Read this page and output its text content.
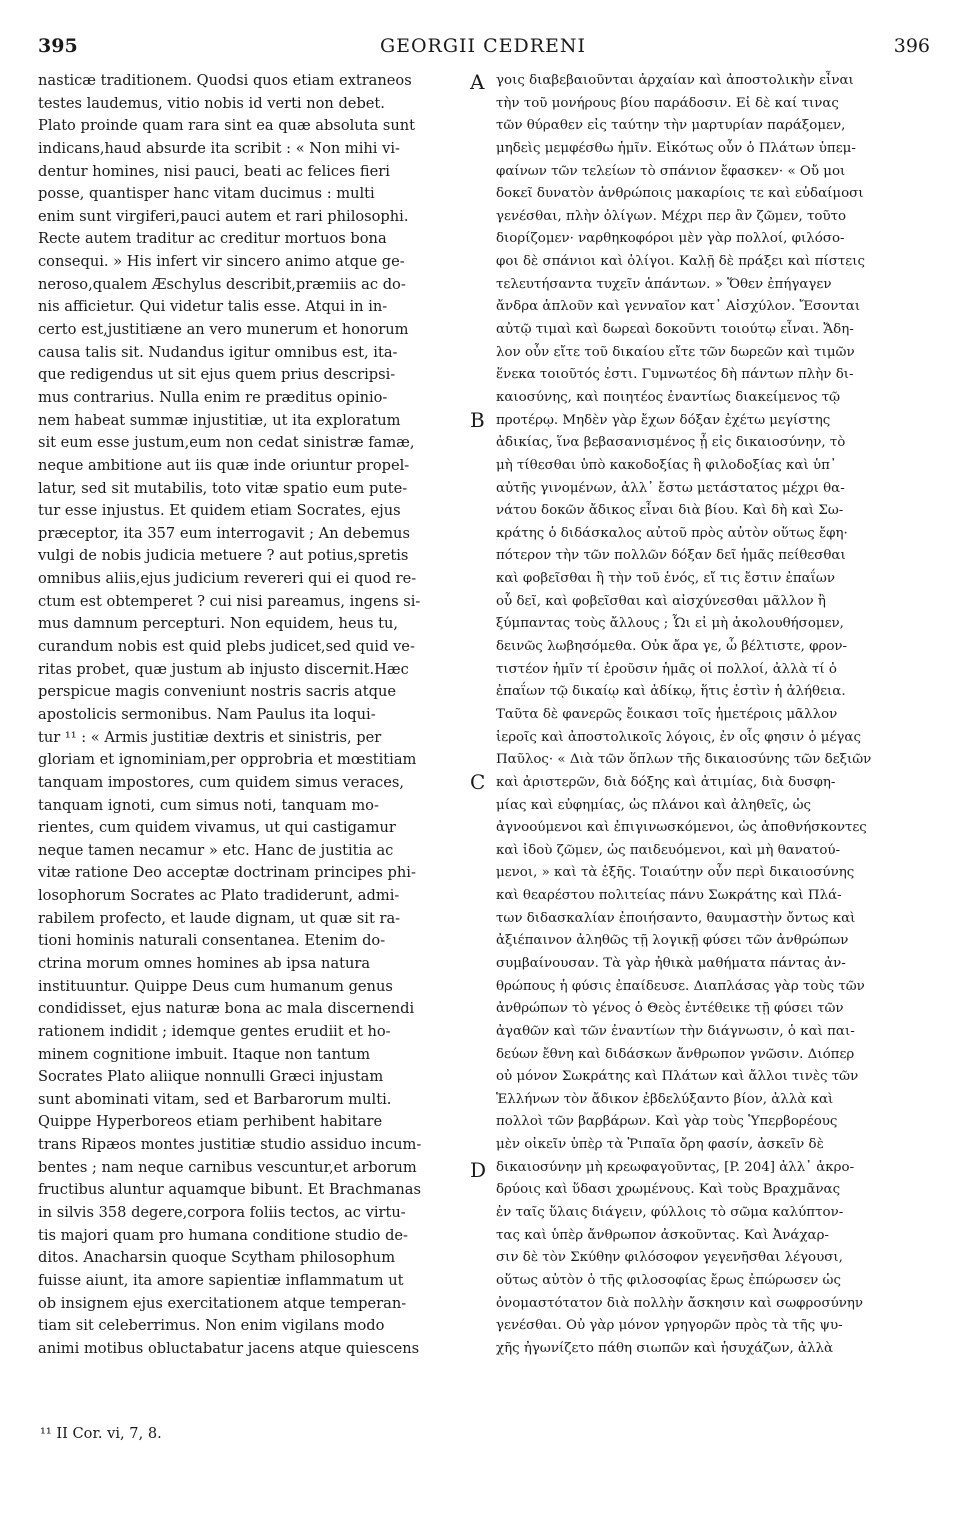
GEORGII CEDRENI
395	396
nasticæ traditionem. Quodsi quos etiam extraneos
testes laudemus, vitio nobis id verti non debet.
Plato proinde quam rara sint ea quæ absoluta sunt
indicans,haud absurde ita scribit : « Non mihi vi-
dentur homines, nisi pauci, beati ac felices fieri
posse, quantisper hanc vitam ducimus : multi
enim sunt virgiferi,pauci autem et rari philosophi.
Recte autem traditur ac creditur mortuos bona
consequi. » His infert vir sincero animo atque ge-
neroso,qualem Æschylus describit,præmiis ac do-
nis afficietur. Qui videtur talis esse. Atqui in in-
certo est,justitiæne an vero munerum et honorum
causa talis sit. Nudandus igitur omnibus est, ita-
que redigendus ut sit ejus quem prius descripsi-
mus contrarius. Nulla enim re præditus opinio-
nem habeat summæ injustitiæ, ut ita exploratum
sit eum esse justum,eum non cedat sinistræ famæ,
neque ambitione aut iis quæ inde oriuntur propel-
latur, sed sit mutabilis, toto vitæ spatio eum pute-
tur esse injustus. Et quidem etiam Socrates, ejus
præceptor, ita 357 eum interrogavit ; An debemus
vulgi de nobis judicia metuere ? aut potius,spretis
omnibus aliis,ejus judicium revereri qui ei quod re-
ctum est obtemperet ? cui nisi pareamus, ingens si-
mus damnum percepturi. Non equidem, heus tu,
curandum nobis est quid plebs judicet,sed quid ve-
ritas probet, quæ justum ab injusto discernit.Hæc
perspicue magis conveniunt nostris sacris atque
apostolicis sermonibus. Nam Paulus ita loqui-
tur ¹¹ : « Armis justitiæ dextris et sinistris, per
gloriam et ignominiam,per opprobria et mœstitiam
tanquam impostores, cum quidem simus veraces,
tanquam ignoti, cum simus noti, tanquam mo-
rientes, cum quidem vivamus, ut qui castigamur
neque tamen necamur » etc. Hanc de justitia ac
vitæ ratione Deo acceptæ doctrinam principes phi-
losophorum Socrates ac Plato tradiderunt, admi-
rabilem profecto, et laude dignam, ut quæ sit ra-
tioni hominis naturali consentanea. Etenim do-
ctrina morum omnes homines ab ipsa natura
instituuntur. Quippe Deus cum humanum genus
condidisset, ejus naturæ bona ac mala discernendi
rationem indidit ; idemque gentes erudiit et ho-
minem cognitione imbuit. Itaque non tantum
Socrates Plato aliique nonnulli Græci injustam
sunt abominati vitam, sed et Barbarorum multi.
Quippe Hyperboreos etiam perhibent habitare
trans Ripæos montes justitiæ studio assiduo incum-
bentes ; nam neque carnibus vescuntur,et arborum
fructibus aluntur aquamque bibunt. Et Brachmanas
in silvis 358 degere,corpora foliis tectos, ac virtu-
tis majori quam pro humana conditione studio de-
ditos. Anacharsin quoque Scytham philosophum
fuisse aiunt, ita amore sapientiæ inflammatum ut
ob insignem ejus exercitationem atque temperan-
tiam sit celeberrimus. Non enim vigilans modo
animi motibus obluctabatur jacens atque quiescens
γοις διαβεβαιοῦνται ἀρχαίαν καὶ ἀποστολικὴν εἶναι
τὴν τοῦ μονήρους βίου παράδοσιν. Εἰ δὲ καί τινας
τῶν θύραθεν εἰς ταύτην τὴν μαρτυρίαν παράξομεν,
μηδεὶς μεμφέσθω ἡμῖν. Εἰκότως οὖν ὁ Πλάτων ὑπεμ-
φαίνων τῶν τελείων τὸ σπάνιον ἔφασκεν· « Οὔ μοι
δοκεῖ δυνατὸν ἀνθρώποις μακαρίοις τε καὶ εὐδαίμοσι
γενέσθαι, πλὴν ὀλίγων. Μέχρι περ ἂν ζῶμεν, τοῦτο
διορίζομεν· ναρθηκοφόροι μὲν γὰρ πολλοί, φιλόσο-
φοι δὲ σπάνιοι καὶ ὀλίγοι. Καλῇ δὲ πράξει καὶ πίστεις
τελευτήσαντα τυχεῖν ἁπάντων. » Ὅθεν ἐπήγαγεν
ἄνδρα ἁπλοῦν καὶ γενναῖον κατ᾽ Αἰσχύλον. Ἔσονται
αὐτῷ τιμαὶ καὶ δωρεαὶ δοκοῦντι τοιούτῳ εἶναι. Ἄδη-
λον οὖν εἴτε τοῦ δικαίου εἴτε τῶν δωρεῶν καὶ τιμῶν
ἕνεκα τοιοῦτός ἐστι. Γυμνωτέος δὴ πάντων πλὴν δι-
καιοσύνης, καὶ ποιητέος ἐναντίως διακείμενος τῷ
προτέρῳ. Μηδὲν γὰρ ἔχων δόξαν ἐχέτω μεγίστης
ἀδικίας, ἵνα βεβασανισμένος ᾖ εἰς δικαιοσύνην, τὸ
μὴ τίθεσθαι ὑπὸ κακοδοξίας ἢ φιλοδοξίας καὶ ὑπ᾽
αὐτῆς γινομένων, ἀλλ᾽ ἔστω μετάστατος μέχρι θα-
νάτου δοκῶν ἄδικος εἶναι διὰ βίου. Καὶ δὴ καὶ Σω-
κράτης ὁ διδάσκαλος αὐτοῦ πρὸς αὐτὸν οὕτως ἔφη·
πότερον τὴν τῶν πολλῶν δόξαν δεῖ ἡμᾶς πείθεσθαι
καὶ φοβεῖσθαι ἢ τὴν τοῦ ἑνός, εἴ τις ἔστιν ἐπαΐων
οὗ δεῖ, καὶ φοβεῖσθαι καὶ αἰσχύνεσθαι μᾶλλον ἢ
ξύμπαντας τοὺς ἄλλους ; Ὧι εἰ μὴ ἀκολουθήσομεν,
δεινῶς λωβησόμεθα. Οὐκ ἄρα γε, ὦ βέλτιστε, φρον-
τιστέον ἡμῖν τί ἐροῦσιν ἡμᾶς οἱ πολλοί, ἀλλὰ τί ὁ
ἐπαΐων τῷ δικαίῳ καὶ ἀδίκῳ, ἥτις ἐστὶν ἡ ἀλήθεια.
Ταῦτα δὲ φανερῶς ἔοικασι τοῖς ἡμετέροις μᾶλλον
ἱεροῖς καὶ ἀποστολικοῖς λόγοις, ἐν οἷς φησιν ὁ μέγας
Παῦλος· « Διὰ τῶν ὅπλων τῆς δικαιοσύνης τῶν δεξιῶν
καὶ ἀριστερῶν, διὰ δόξης καὶ ἀτιμίας, διὰ δυσφη-
μίας καὶ εὐφημίας, ὡς πλάνοι καὶ ἀληθεῖς, ὡς
ἀγνοούμενοι καὶ ἐπιγινωσκόμενοι, ὡς ἀποθνήσκοντες
καὶ ἰδοὺ ζῶμεν, ὡς παιδευόμενοι, καὶ μὴ θανατού-
μενοι, » καὶ τὰ ἑξῆς. Τοιαύτην οὖν περὶ δικαιοσύνης
καὶ θεαρέστου πολιτείας πάνυ Σωκράτης καὶ Πλά-
των διδασκαλίαν ἐποιήσαντο, θαυμαστὴν ὄντως καὶ
ἀξιέπαινον ἀληθῶς τῇ λογικῇ φύσει τῶν ἀνθρώπων
συμβαίνουσαν. Τὰ γὰρ ἠθικὰ μαθήματα πάντας ἀν-
θρώπους ἡ φύσις ἐπαίδευσε. Διαπλάσας γὰρ τοὺς τῶν
ἀνθρώπων τὸ γένος ὁ Θεὸς ἐντέθεικε τῇ φύσει τῶν
ἀγαθῶν καὶ τῶν ἐναντίων τὴν διάγνωσιν, ὁ καὶ παι-
δεύων ἔθνη καὶ διδάσκων ἄνθρωπον γνῶσιν. Διόπερ
οὐ μόνον Σωκράτης καὶ Πλάτων καὶ ἄλλοι τινὲς τῶν
Ἑλλήνων τὸν ἄδικον ἐβδελύξαντο βίον, ἀλλὰ καὶ
πολλοὶ τῶν βαρβάρων. Καὶ γὰρ τοὺς Ὑπερβορέους
μὲν οἰκεῖν ὑπὲρ τὰ Ῥιπαῖα ὄρη φασίν, ἀσκεῖν δὲ
δικαιοσύνην μὴ κρεωφαγοῦντας, [P. 204] ἀλλ᾽ ἀκρο-
δρύοις καὶ ὕδασι χρωμένους. Καὶ τοὺς Βραχμᾶνας
ἐν ταῖς ὕλαις διάγειν, φύλλοις τὸ σῶμα καλύπτον-
τας καὶ ὑπὲρ ἄνθρωπον ἀσκοῦντας. Καὶ Ἀνάχαρ-
σιν δὲ τὸν Σκύθην φιλόσοφον γεγενῆσθαι λέγουσι,
οὕτως αὐτὸν ὁ τῆς φιλοσοφίας ἔρως ἐπώρωσεν ὡς
ὀνομαστότατον διὰ πολλὴν ἄσκησιν καὶ σωφροσύνην
γενέσθαι. Οὐ γὰρ μόνον γρηγορῶν πρὸς τὰ τῆς ψυ-
χῆς ἠγωνίζετο πάθη σιωπῶν καὶ ἡσυχάζων, ἀλλὰ
A
B
C
D
¹¹ II Cor. vi, 7, 8.
